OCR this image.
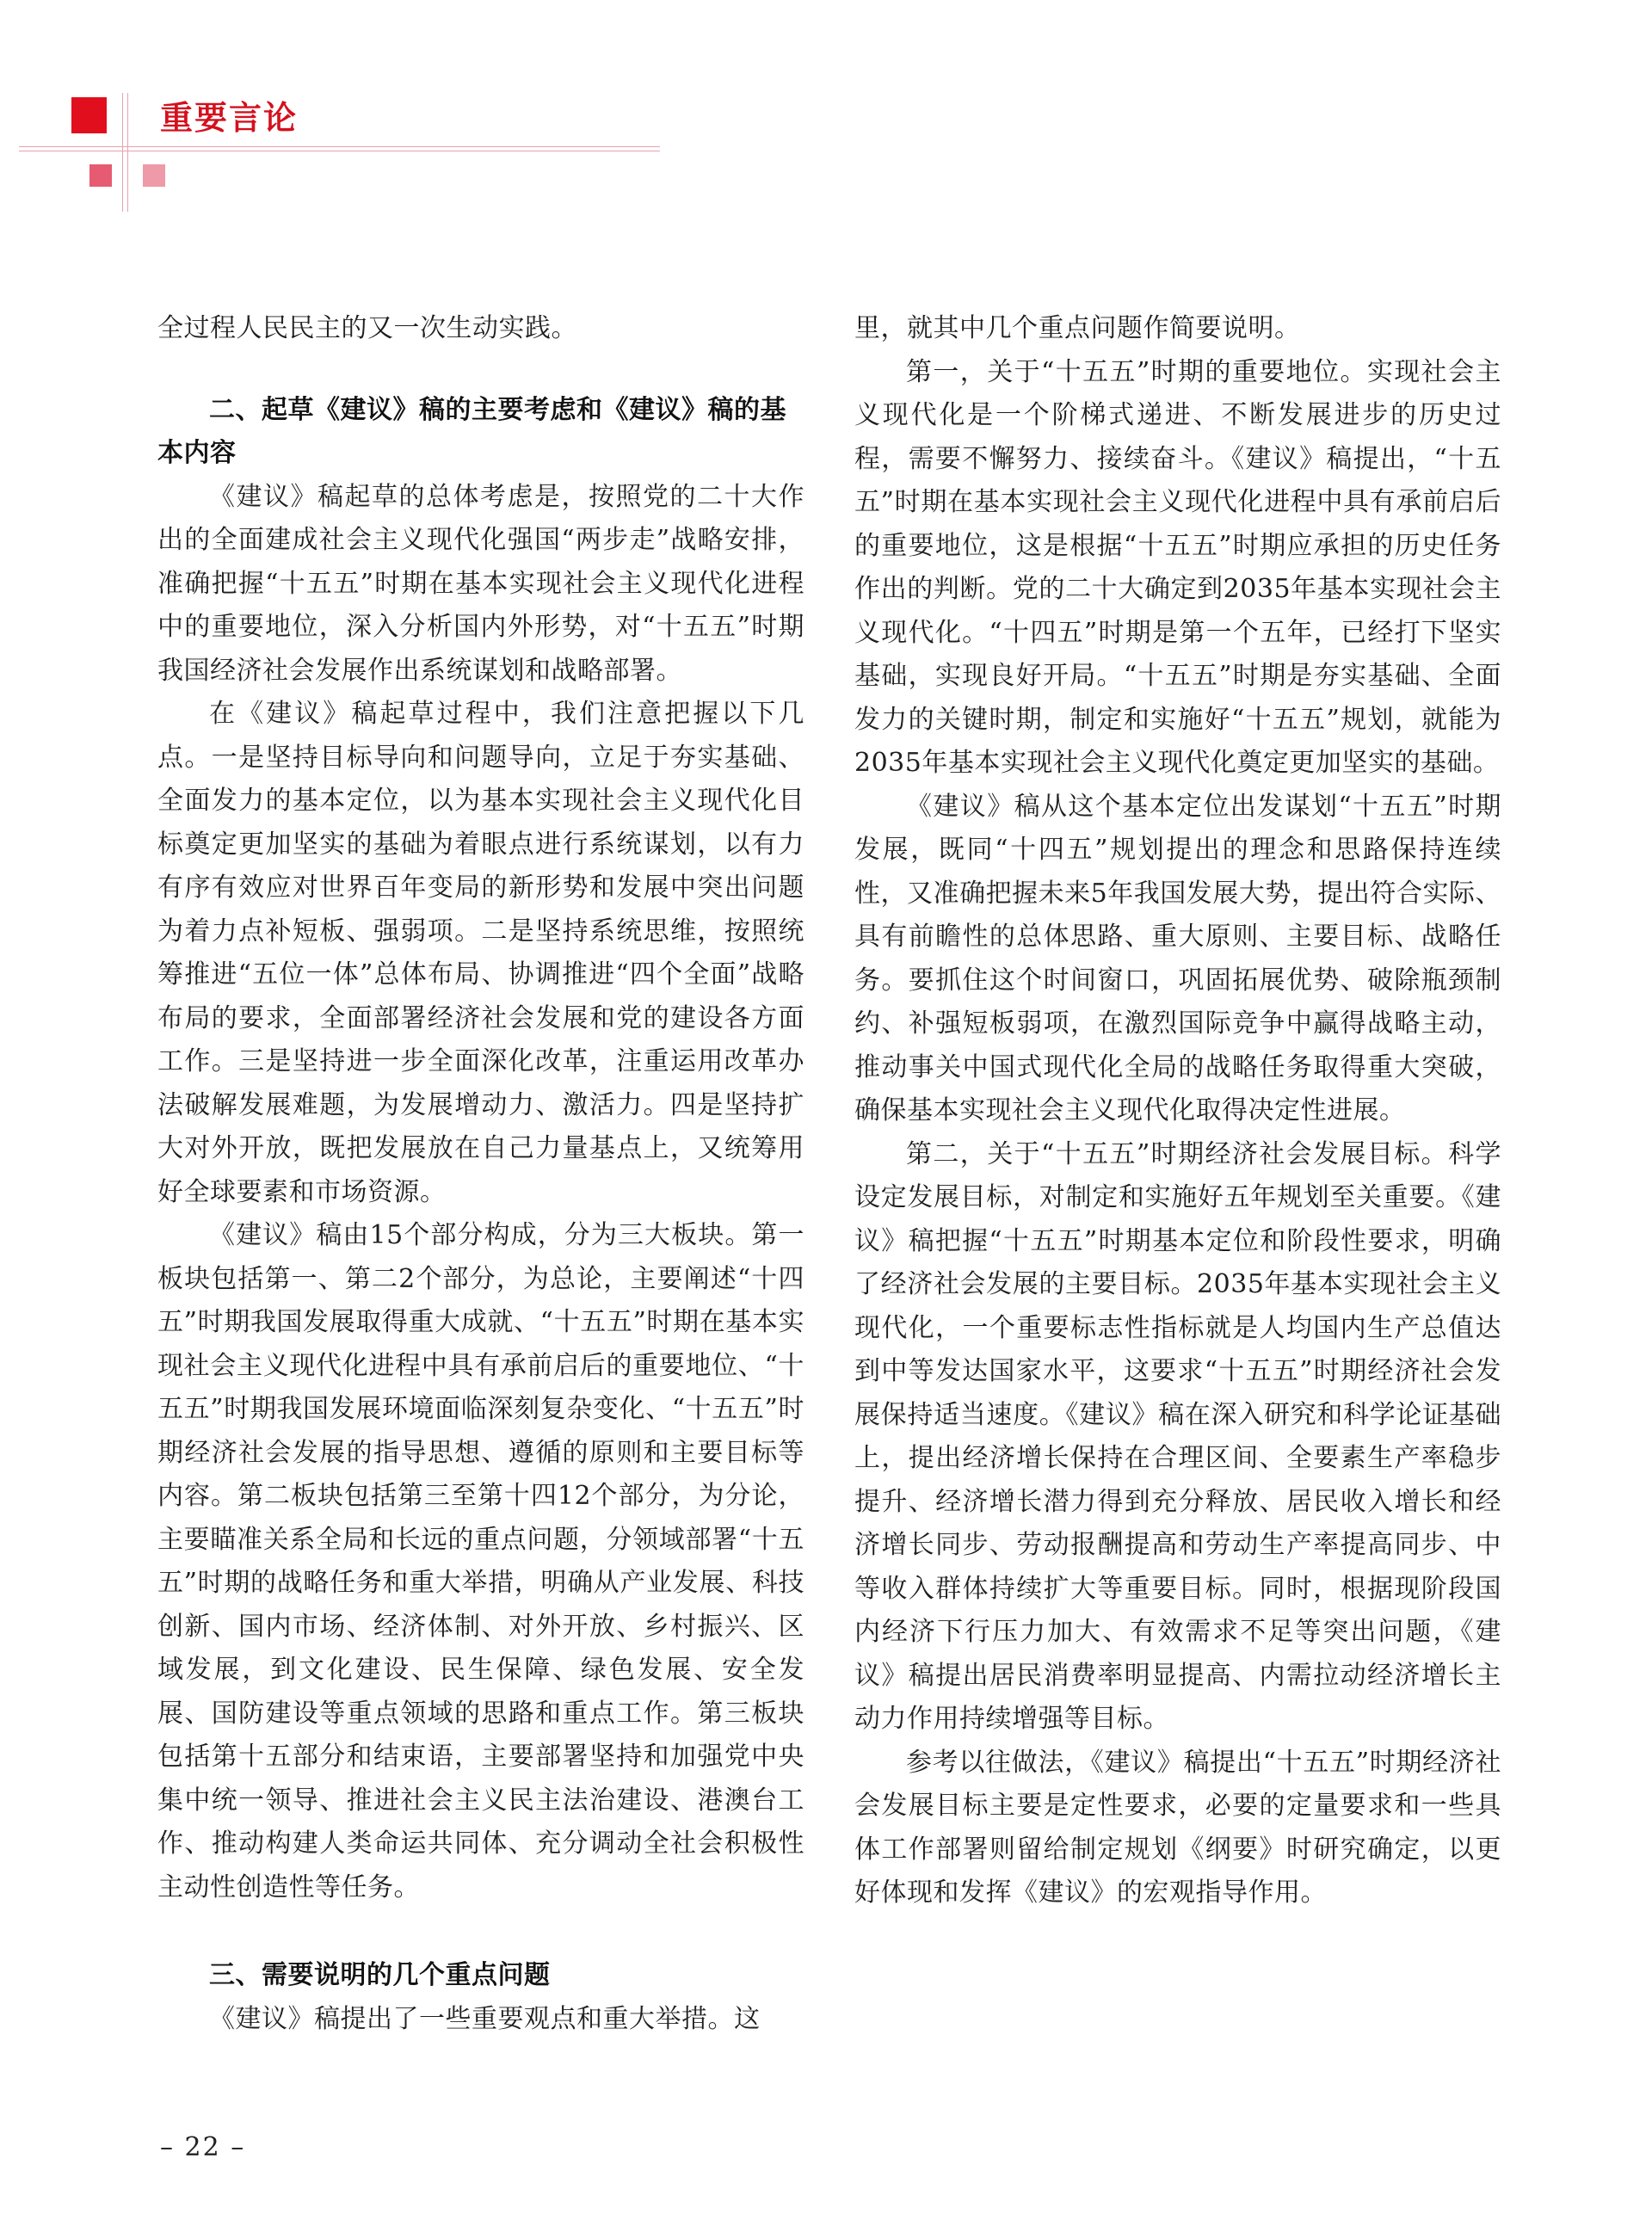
重要言论

全过程人民民主的又一次生动实践。

二、起草《建议》稿的主要考虑和《建议》稿的基本内容

《建议》稿起草的总体考虑是，按照党的二十大作出的全面建成社会主义现代化强国“两步走”战略安排，准确把握“十五五”时期在基本实现社会主义现代化进程中的重要地位，深入分析国内外形势，对“十五五”时期我国经济社会发展作出系统谋划和战略部署。

在《建议》稿起草过程中，我们注意把握以下几点。一是坚持目标导向和问题导向，立足于夯实基础、全面发力的基本定位，以为基本实现社会主义现代化目标奠定更加坚实的基础为着眼点进行系统谋划，以有力有序有效应对世界百年变局的新形势和发展中突出问题为着力点补短板、强弱项。二是坚持系统思维，按照统筹推进“五位一体”总体布局、协调推进“四个全面”战略布局的要求，全面部署经济社会发展和党的建设各方面工作。三是坚持进一步全面深化改革，注重运用改革办法破解发展难题，为发展增动力、激活力。四是坚持扩大对外开放，既把发展放在自己力量基点上，又统筹用好全球要素和市场资源。

《建议》稿由15个部分构成，分为三大板块。第一板块包括第一、第二2个部分，为总论，主要阐述“十四五”时期我国发展取得重大成就、“十五五”时期在基本实现社会主义现代化进程中具有承前启后的重要地位、“十五五”时期我国发展环境面临深刻复杂变化、“十五五”时期经济社会发展的指导思想、遵循的原则和主要目标等内容。第二板块包括第三至第十四12个部分，为分论，主要瞄准关系全局和长远的重点问题，分领域部署“十五五”时期的战略任务和重大举措，明确从产业发展、科技创新、国内市场、经济体制、对外开放、乡村振兴、区域发展，到文化建设、民生保障、绿色发展、安全发展、国防建设等重点领域的思路和重点工作。第三板块包括第十五部分和结束语，主要部署坚持和加强党中央集中统一领导、推进社会主义民主法治建设、港澳台工作、推动构建人类命运共同体、充分调动全社会积极性主动性创造性等任务。

三、需要说明的几个重点问题

《建议》稿提出了一些重要观点和重大举措。这

里，就其中几个重点问题作简要说明。

第一，关于“十五五”时期的重要地位。实现社会主义现代化是一个阶梯式递进、不断发展进步的历史过程，需要不懈努力、接续奋斗。《建议》稿提出，“十五五”时期在基本实现社会主义现代化进程中具有承前启后的重要地位，这是根据“十五五”时期应承担的历史任务作出的判断。党的二十大确定到2035年基本实现社会主义现代化。“十四五”时期是第一个五年，已经打下坚实基础，实现良好开局。“十五五”时期是夯实基础、全面发力的关键时期，制定和实施好“十五五”规划，就能为2035年基本实现社会主义现代化奠定更加坚实的基础。

《建议》稿从这个基本定位出发谋划“十五五”时期发展，既同“十四五”规划提出的理念和思路保持连续性，又准确把握未来5年我国发展大势，提出符合实际、具有前瞻性的总体思路、重大原则、主要目标、战略任务。要抓住这个时间窗口，巩固拓展优势、破除瓶颈制约、补强短板弱项，在激烈国际竞争中赢得战略主动，推动事关中国式现代化全局的战略任务取得重大突破，确保基本实现社会主义现代化取得决定性进展。

第二，关于“十五五”时期经济社会发展目标。科学设定发展目标，对制定和实施好五年规划至关重要。《建议》稿把握“十五五”时期基本定位和阶段性要求，明确了经济社会发展的主要目标。2035年基本实现社会主义现代化，一个重要标志性指标就是人均国内生产总值达到中等发达国家水平，这要求“十五五”时期经济社会发展保持适当速度。《建议》稿在深入研究和科学论证基础上，提出经济增长保持在合理区间、全要素生产率稳步提升、经济增长潜力得到充分释放、居民收入增长和经济增长同步、劳动报酬提高和劳动生产率提高同步、中等收入群体持续扩大等重要目标。同时，根据现阶段国内经济下行压力加大、有效需求不足等突出问题，《建议》稿提出居民消费率明显提高、内需拉动经济增长主动力作用持续增强等目标。

参考以往做法，《建议》稿提出“十五五”时期经济社会发展目标主要是定性要求，必要的定量要求和一些具体工作部署则留给制定规划《纲要》时研究确定，以更好体现和发挥《建议》的宏观指导作用。

– 22 –
